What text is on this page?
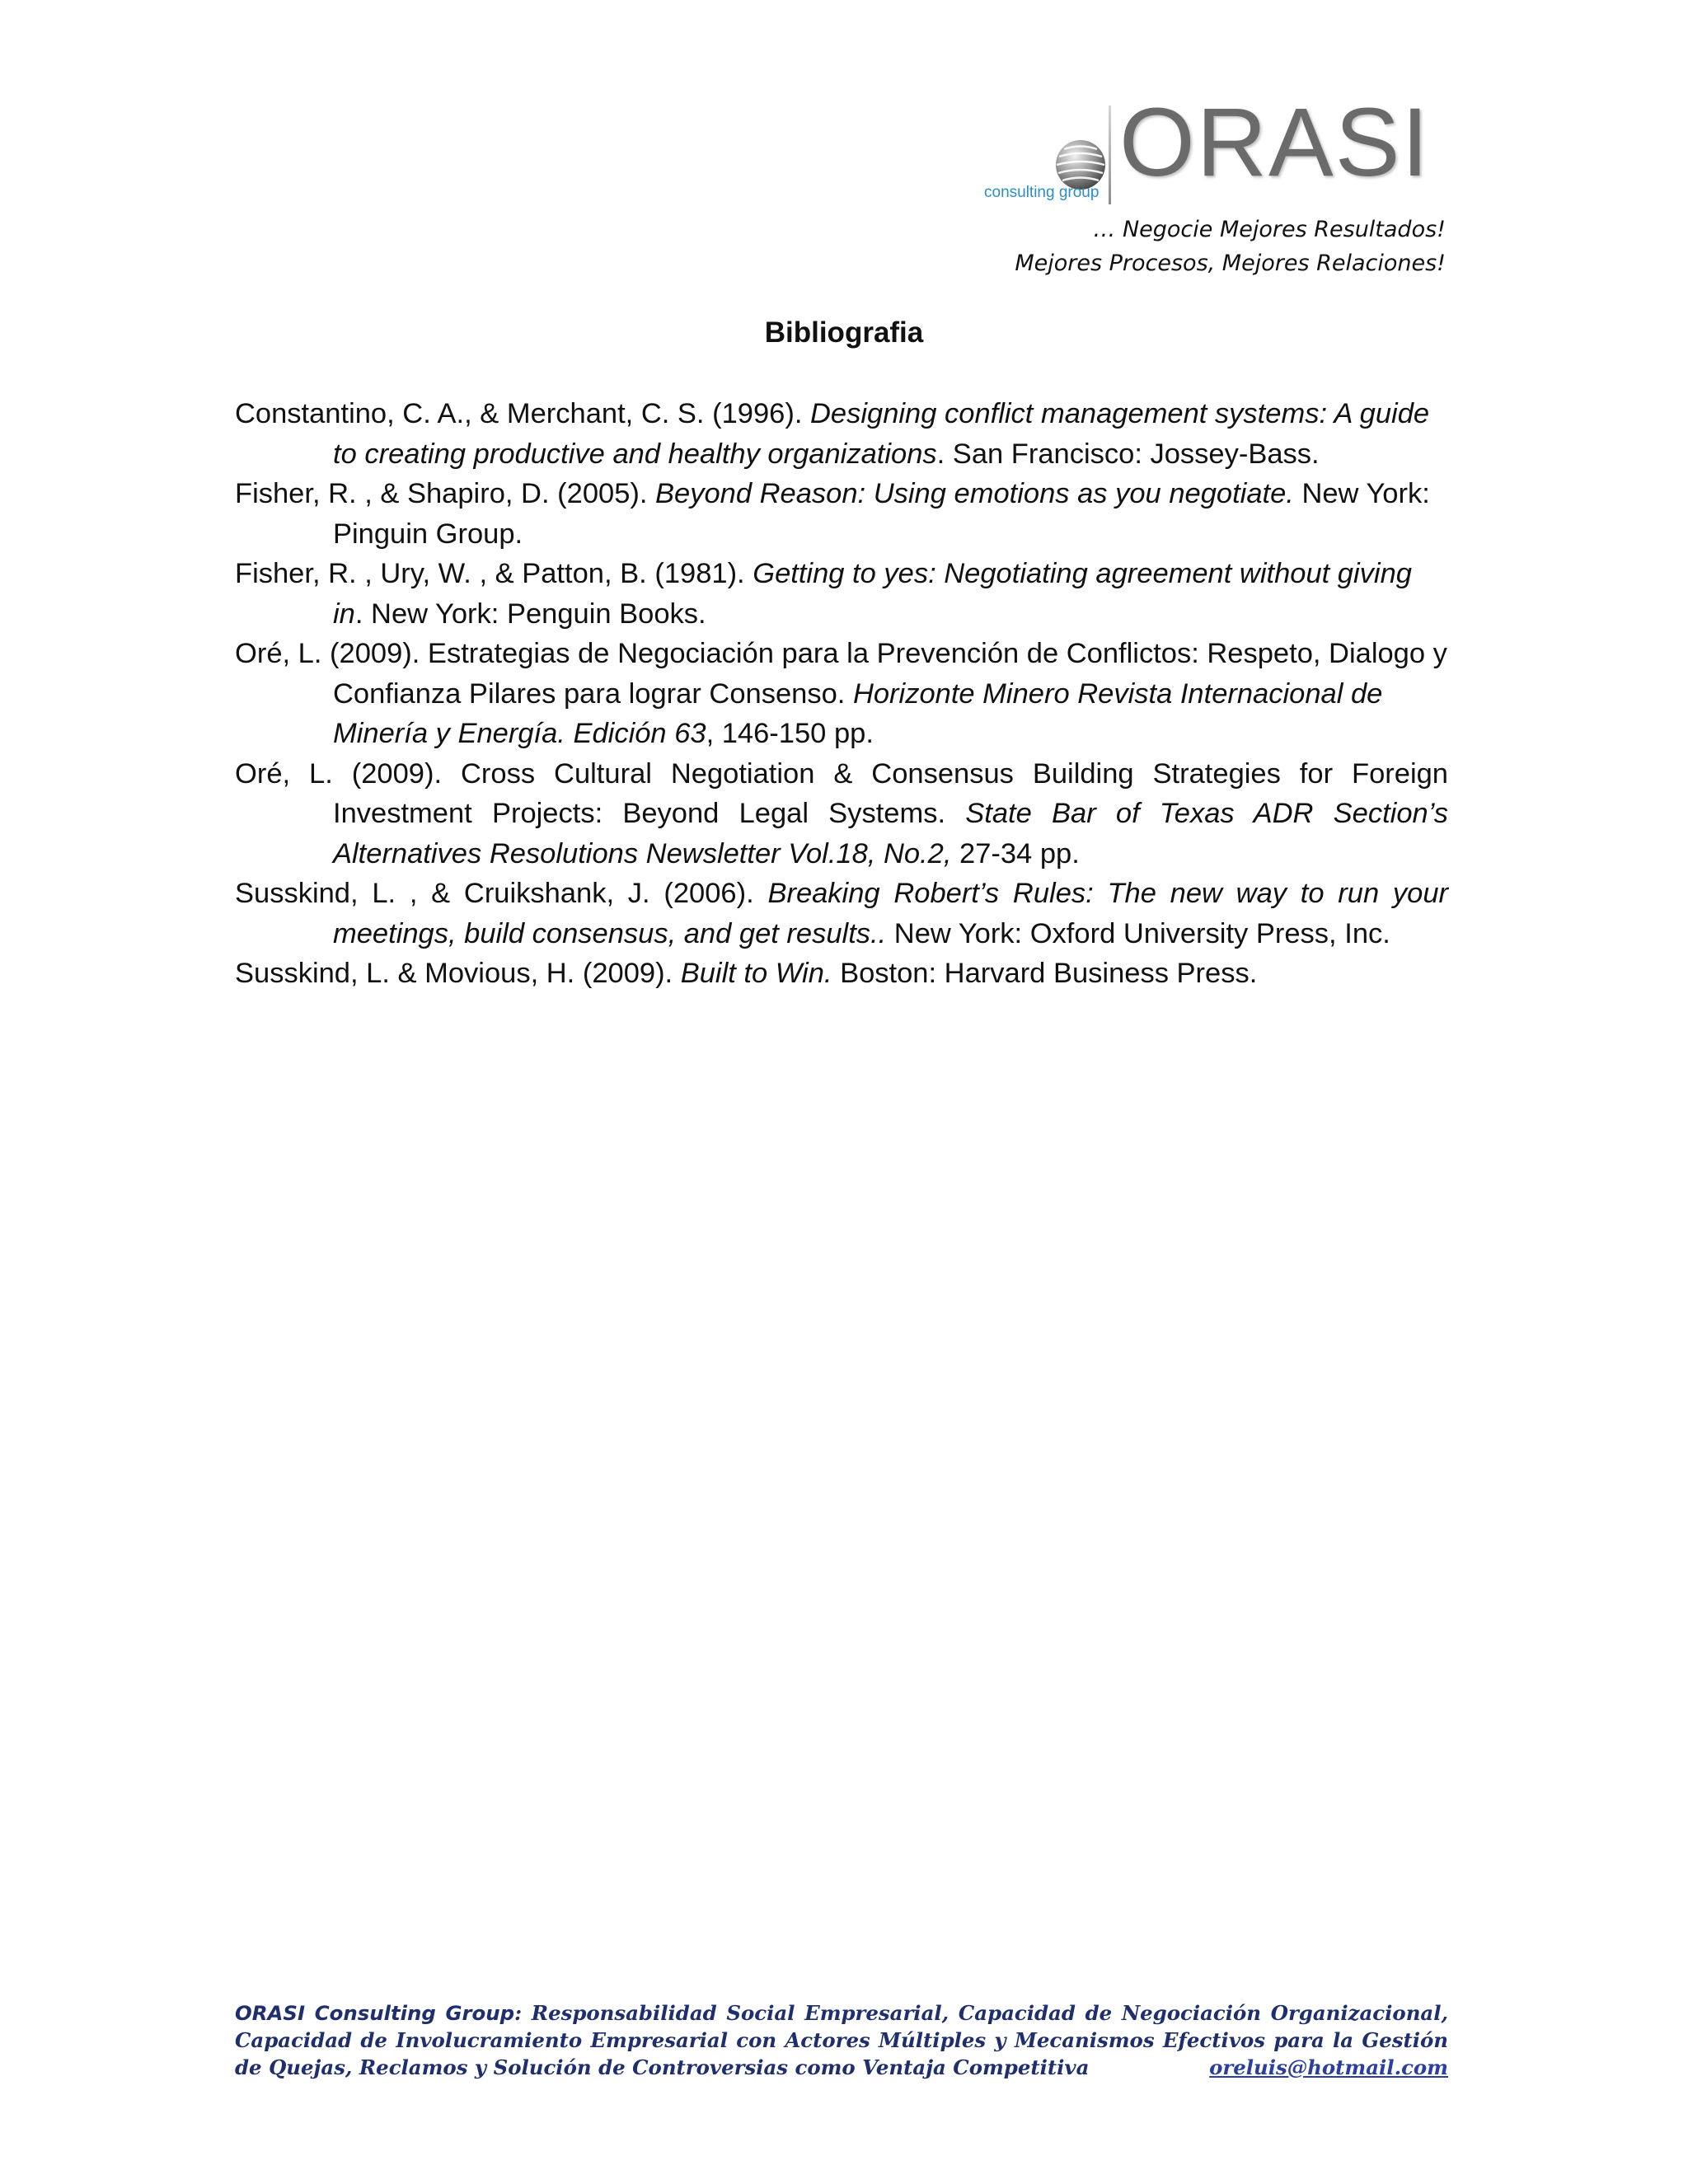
ORASI
consulting group
… Negocie Mejores Resultados!
Mejores Procesos, Mejores Relaciones!
Bibliografia

Constantino, C. A., & Merchant, C. S. (1996). Designing conflict management systems: A guide to creating productive and healthy organizations. San Francisco: Jossey-Bass.

Fisher, R. , & Shapiro, D. (2005). Beyond Reason: Using emotions as you negotiate. New York: Pinguin Group.

Fisher, R. , Ury, W. , & Patton, B. (1981). Getting to yes: Negotiating agreement without giving in. New York: Penguin Books.

Oré, L. (2009). Estrategias de Negociación para la Prevención de Conflictos: Respeto, Dialogo y Confianza Pilares para lograr Consenso. Horizonte Minero Revista Internacional de Minería y Energía. Edición 63, 146-150 pp.

Oré, L. (2009). Cross Cultural Negotiation & Consensus Building Strategies for Foreign Investment Projects: Beyond Legal Systems. State Bar of Texas ADR Section’s Alternatives Resolutions Newsletter Vol.18, No.2, 27-34 pp.

Susskind, L. , & Cruikshank, J. (2006). Breaking Robert’s Rules: The new way to run your meetings, build consensus, and get results.. New York: Oxford University Press, Inc.

Susskind, L. & Movious, H. (2009). Built to Win. Boston: Harvard Business Press.

ORASI Consulting Group: Responsabilidad Social Empresarial, Capacidad de Negociación Organizacional, Capacidad de Involucramiento Empresarial con Actores Múltiples y Mecanismos Efectivos para la Gestión de Quejas, Reclamos y Solución de Controversias como Ventaja Competitiva	oreluis@hotmail.com
